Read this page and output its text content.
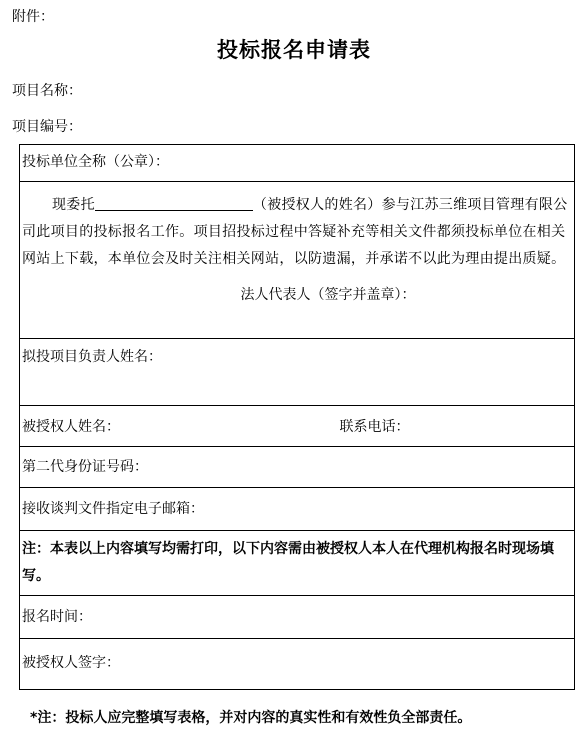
附件：
投标报名申请表
项目名称：
项目编号：
投标单位全称（公章）：

现委托	（被授权人的姓名）参与江苏三维项目管理有限公司此项目的投标报名工作。项目招投标过程中答疑补充等相关文件都须投标单位在相关网站上下载，本单位会及时关注相关网站，以防遗漏，并承诺不以此为理由提出质疑。

法人代表人（签字并盖章）：

拟投项目负责人姓名：

被授权人姓名：	联系电话：

第二代身份证号码：

接收谈判文件指定电子邮箱：

注：本表以上内容填写均需打印，以下内容需由被授权人本人在代理机构报名时现场填写。

报名时间：

被授权人签字：
*注：投标人应完整填写表格，并对内容的真实性和有效性负全部责任。
